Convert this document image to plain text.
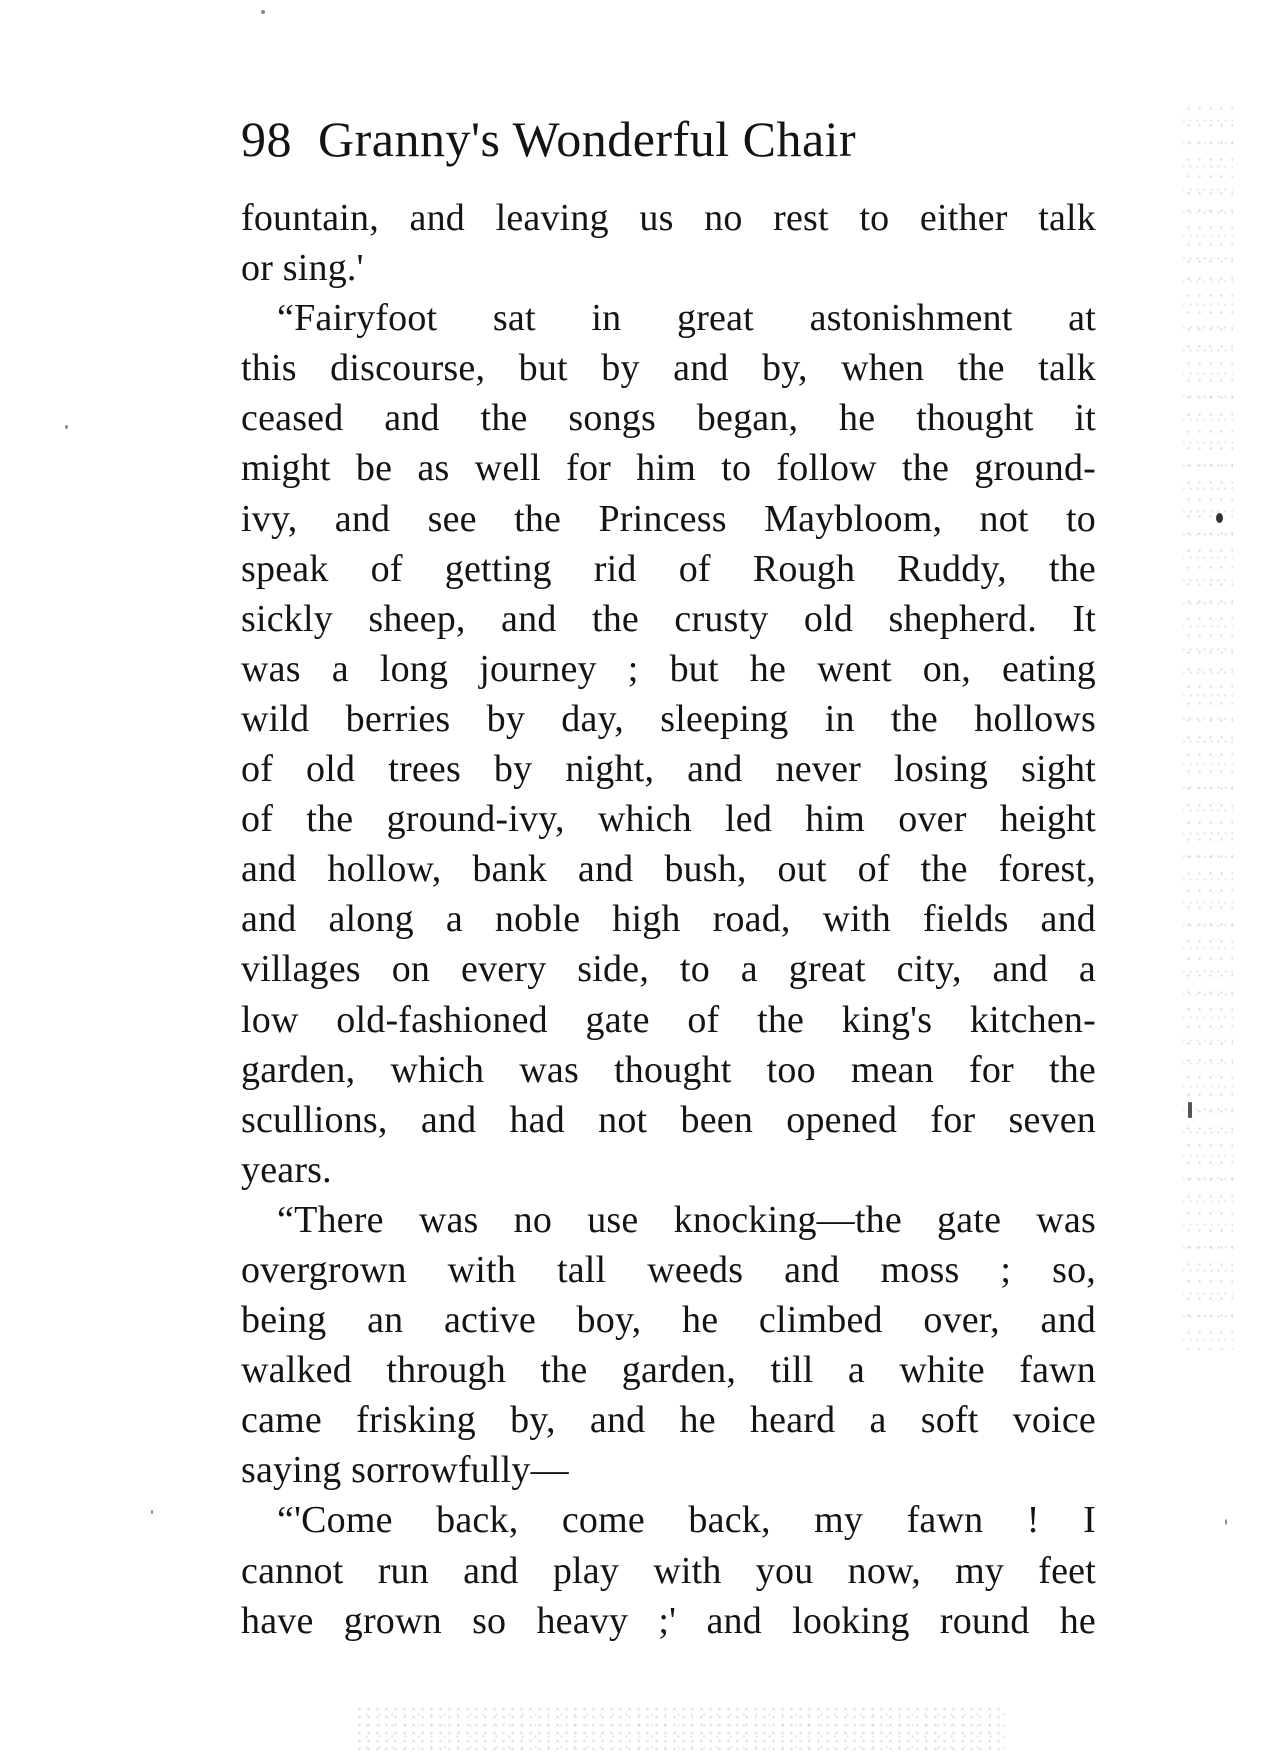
98 Granny's Wonderful Chair
fountain, and leaving us no rest to either talk
or sing.'
“Fairyfoot sat in great astonishment at
this discourse, but by and by, when the talk
ceased and the songs began, he thought it
might be as well for him to follow the ground-
ivy, and see the Princess Maybloom, not to
speak of getting rid of Rough Ruddy, the
sickly sheep, and the crusty old shepherd. It
was a long journey ; but he went on, eating
wild berries by day, sleeping in the hollows
of old trees by night, and never losing sight
of the ground-ivy, which led him over height
and hollow, bank and bush, out of the forest,
and along a noble high road, with fields and
villages on every side, to a great city, and a
low old-fashioned gate of the king's kitchen-
garden, which was thought too mean for the
scullions, and had not been opened for seven
years.
“There was no use knocking—the gate was
overgrown with tall weeds and moss ; so,
being an active boy, he climbed over, and
walked through the garden, till a white fawn
came frisking by, and he heard a soft voice
saying sorrowfully—
“'Come back, come back, my fawn ! I
cannot run and play with you now, my feet
have grown so heavy ;' and looking round he
